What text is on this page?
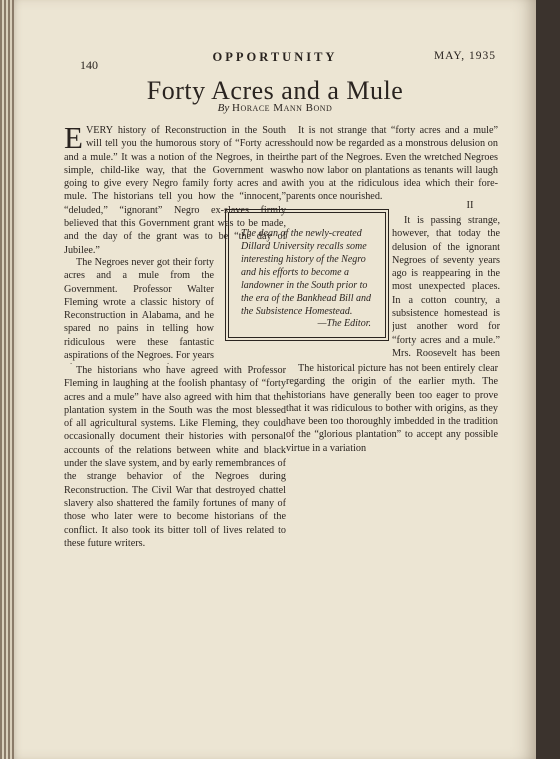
140
OPPORTUNITY	MAY, 1935
Forty Acres and a Mule
By Horace Mann Bond

EVERY history of Reconstruction in the South will tell you the humorous story of “Forty acres and a mule.” It was a notion of the Negroes, in their simple, child-like way, that the Government was going to give every Negro family forty acres and a mule. The historians tell you how the “innocent,” “deluded,” “ignorant” Negro ex-slaves firmly believed that this Government grant was to be made, and the day of the grant was to be “the day of Jubilee.”

The Negroes never got their forty acres and a mule from the Government. Professor Walter Fleming wrote a classic history of Reconstruction in Alabama, and he spared no pains in telling how ridiculous were these fantastic aspirations of the Negroes. For years

The historians who have agreed with Professor Fleming in laughing at the foolish phantasy of “forty acres and a mule” have also agreed with him that the plantation system in the South was the most blessed of all agricultural systems. Like Fleming, they could occasionally document their histories with personal accounts of the relations between white and black under the slave system, and by early remembrances of the strange behavior of the Negroes during Reconstruction. The Civil War that destroyed chattel slavery also shattered the family fortunes of many of those who later were to become historians of the conflict. It also took its bitter toll of lives related to these future writers.

The dean of the newly-created Dillard University recalls some interesting history of the Negro and his efforts to become a landowner in the South prior to the era of the Bankhead Bill and the Subsistence Homestead.

—The Editor.

It is not strange that “forty acres and a mule” should now be regarded as a monstrous delusion on the part of the Negroes. Even the wretched Negroes who now labor on plantations as tenants will laugh with you at the ridiculous idea which their fore-parents once nourished.

II

It is passing strange, however, that today the delusion of the ignorant Negroes of seventy years ago is reappearing in the most unexpected places. In a cotton country, a subsistence homestead is just another word for “forty acres and a mule.” Mrs. Roosevelt has been

The historical picture has not been entirely clear regarding the origin of the earlier myth. The historians have generally been too eager to prove that it was ridiculous to bother with origins, as they have been too thoroughly imbedded in the tradition of the “glorious plantation” to accept any possible virtue in a variation
